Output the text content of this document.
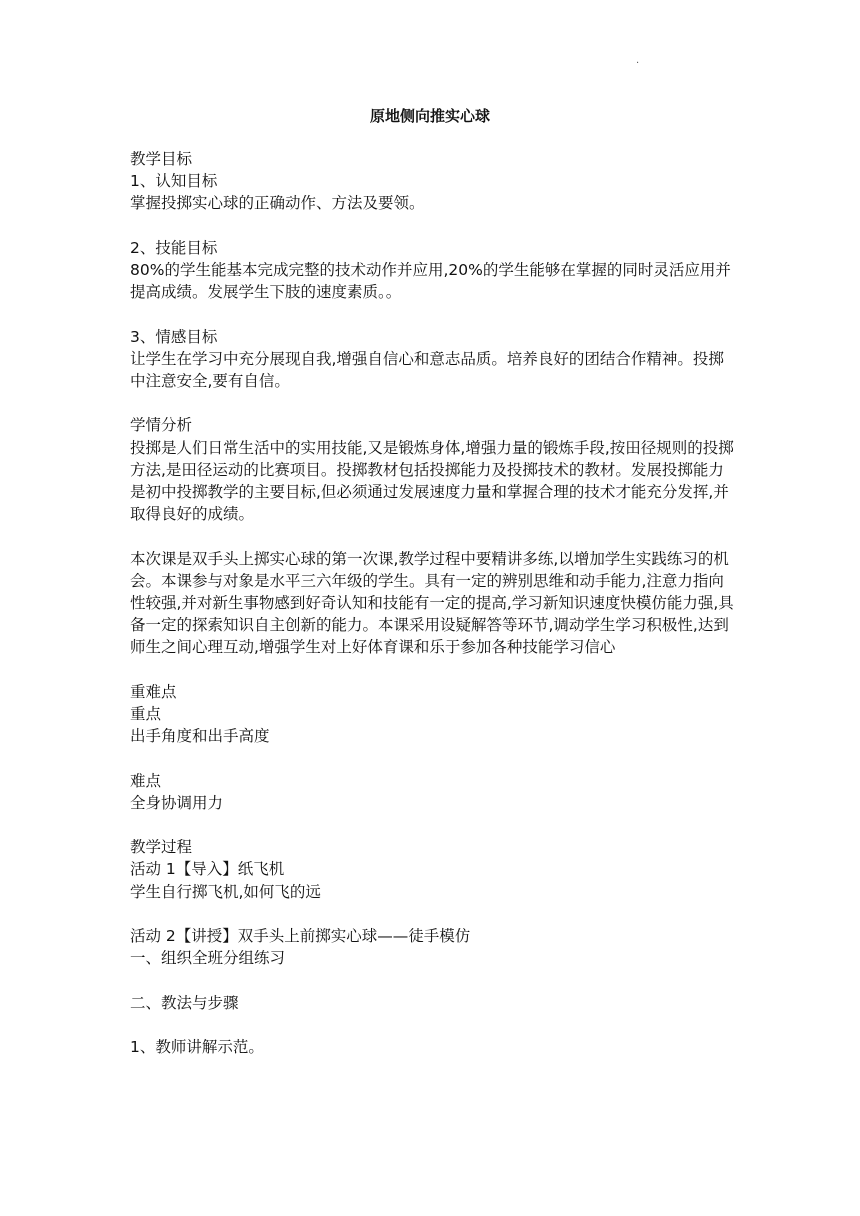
.
原地侧向推实心球

教学目标

1、认知目标

掌握投掷实心球的正确动作、方法及要领。

2、技能目标

80%的学生能基本完成完整的技术动作并应用,20%的学生能够在掌握的同时灵活应用并提高成绩。发展学生下肢的速度素质。。

3、情感目标

让学生在学习中充分展现自我,增强自信心和意志品质。培养良好的团结合作精神。投掷中注意安全,要有自信。

学情分析

投掷是人们日常生活中的实用技能,又是锻炼身体,增强力量的锻炼手段,按田径规则的投掷方法,是田径运动的比赛项目。投掷教材包括投掷能力及投掷技术的教材。发展投掷能力是初中投掷教学的主要目标,但必须通过发展速度力量和掌握合理的技术才能充分发挥,并取得良好的成绩。

本次课是双手头上掷实心球的第一次课,教学过程中要精讲多练,以增加学生实践练习的机会。本课参与对象是水平三六年级的学生。具有一定的辨别思维和动手能力,注意力指向性较强,并对新生事物感到好奇认知和技能有一定的提高,学习新知识速度快模仿能力强,具备一定的探索知识自主创新的能力。本课采用设疑解答等环节,调动学生学习积极性,达到师生之间心理互动,增强学生对上好体育课和乐于参加各种技能学习信心

重难点

重点

出手角度和出手高度

难点

全身协调用力

教学过程

活动 1【导入】纸飞机

学生自行掷飞机,如何飞的远

活动 2【讲授】双手头上前掷实心球——徒手模仿

一、组织全班分组练习

二、教法与步骤

1、教师讲解示范。
